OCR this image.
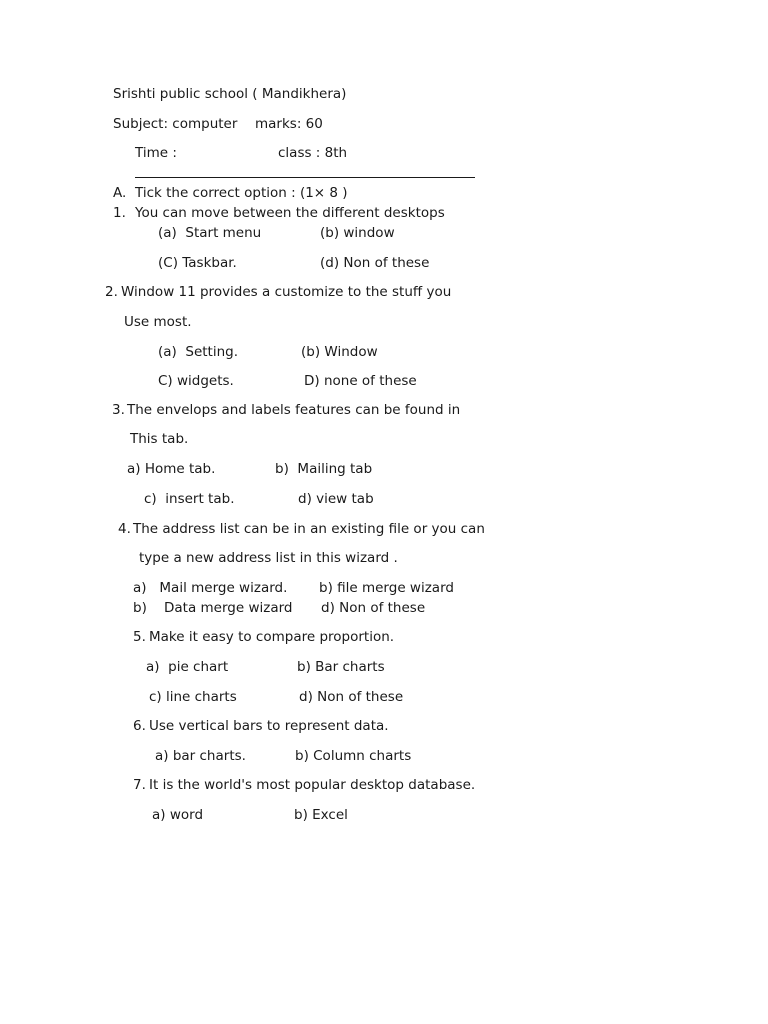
Srishti public school ( Mandikhera)
Subject: computer marks: 60
Time :	class : 8th
A. Tick the correct option : (1× 8 )
1. You can move between the different desktops
(a)  Start menu	(b) window
(C) Taskbar.	(d) Non of these
2. Window 11 provides a customize to the stuff you
Use most.
(a)  Setting.	(b) Window
C) widgets.	D) none of these
3. The envelops and labels features can be found in
This tab.
a) Home tab.	b)  Mailing tab
c)  insert tab.	d) view tab
4. The address list can be in an existing file or you can
type a new address list in this wizard .
a)   Mail merge wizard. b) file merge wizard
b)    Data merge wizard d) Non of these
5. Make it easy to compare proportion.
a)  pie chart	b) Bar charts
c) line charts	d) Non of these
6. Use vertical bars to represent data.
a) bar charts.	b) Column charts
7. It is the world's most popular desktop database.
a) word	b) Excel
